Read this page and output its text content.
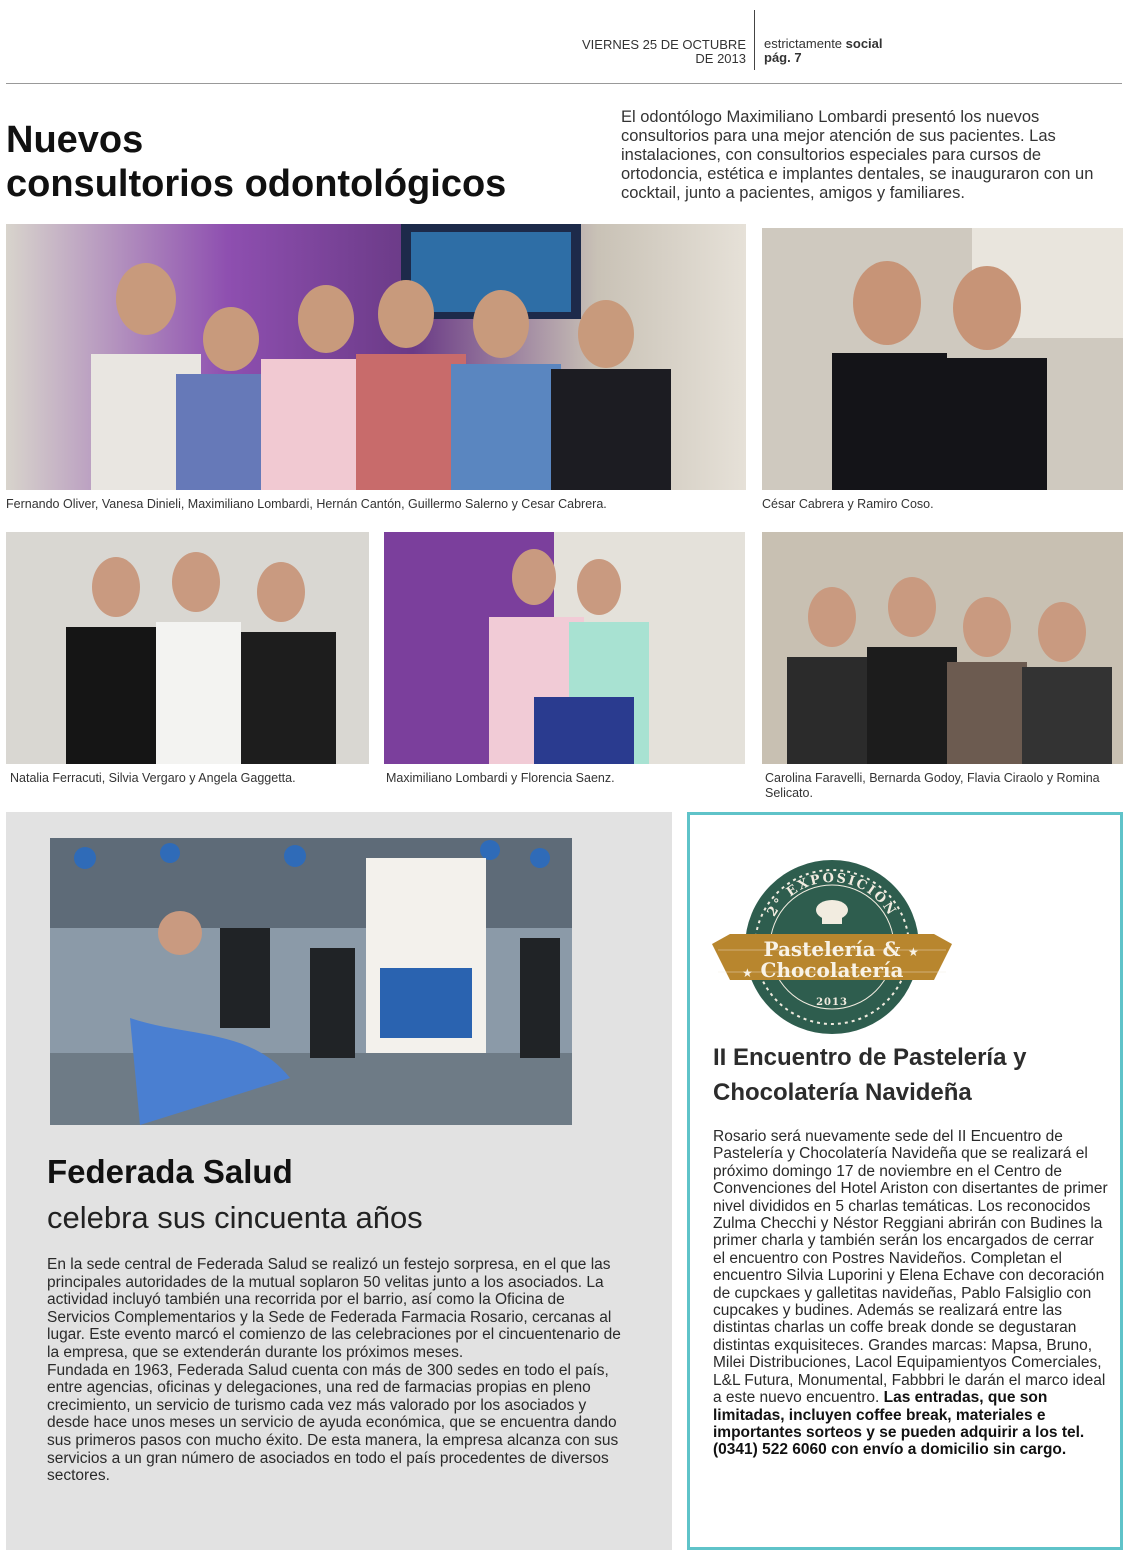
VIERNES 25 DE OCTUBRE
DE 2013
estrictamente social
pág. 7
Nuevos
consultorios odontológicos
El odontólogo Maximiliano Lombardi presentó los nuevos consultorios para una mejor atención de sus pacientes. Las instalaciones, con consultorios especiales para cursos de ortodoncia, estética e implantes dentales, se inauguraron con un cocktail, junto a pacientes, amigos y familiares.
Fernando Oliver, Vanesa Dinieli, Maximiliano Lombardi, Hernán Cantón, Guillermo Salerno y Cesar Cabrera.	César Cabrera y Ramiro Coso.
Natalia Ferracuti, Silvia Vergaro y Angela Gaggetta.	Maximiliano Lombardi y Florencia Saenz.	Carolina Faravelli, Bernarda Godoy, Flavia Ciraolo y Romina Selicato.
Federada Salud
celebra sus cincuenta años
En la sede central de Federada Salud se realizó un festejo sorpresa, en el que las principales autoridades de la mutual soplaron 50 velitas junto a los asociados. La actividad incluyó también una recorrida por el barrio, así como la Oficina de Servicios Complementarios y la Sede de Federada Farmacia Rosario, cercanas al lugar. Este evento marcó el comienzo de las celebraciones por el cincuentenario de la empresa, que se extenderán durante los próximos meses.
Fundada en 1963, Federada Salud cuenta con más de 300 sedes en todo el país, entre agencias, oficinas y delegaciones, una red de farmacias propias en pleno crecimiento, un servicio de turismo cada vez más valorado por los asociados y desde hace unos meses un servicio de ayuda económica, que se encuentra dando sus primeros pasos con mucho éxito. De esta manera, la empresa alcanza con sus servicios a un gran número de asociados en todo el país procedentes de diversos sectores.
2° EXPOSICIÓN
Pastelería &
Chocolatería
★
★
2013
II Encuentro de Pastelería y Chocolatería Navideña
Rosario será nuevamente sede del II Encuentro de Pastelería y Chocolatería Navideña que se realizará el próximo domingo 17 de noviembre en el Centro de Convenciones del Hotel Ariston con disertantes de primer nivel divididos en 5 charlas temáticas. Los reconocidos Zulma Checchi y Néstor Reggiani abrirán con Budines la primer charla y también serán los encargados de cerrar el encuentro con Postres Navideños. Completan el encuentro Silvia Luporini y Elena Echave con decoración de cupckaes y galletitas navideñas, Pablo Falsiglio con cupcakes y budines. Además se realizará entre las distintas charlas un coffe break donde se degustaran distintas exquisiteces. Grandes marcas: Mapsa, Bruno, Milei Distribuciones, Lacol Equipamientyos Comerciales, L&L Futura, Monumental, Fabbbri le darán el marco ideal a este nuevo encuentro. Las entradas, que son limitadas, incluyen coffee break, materiales e importantes sorteos y se pueden adquirir a los tel. (0341) 522 6060 con envío a domicilio sin cargo.
